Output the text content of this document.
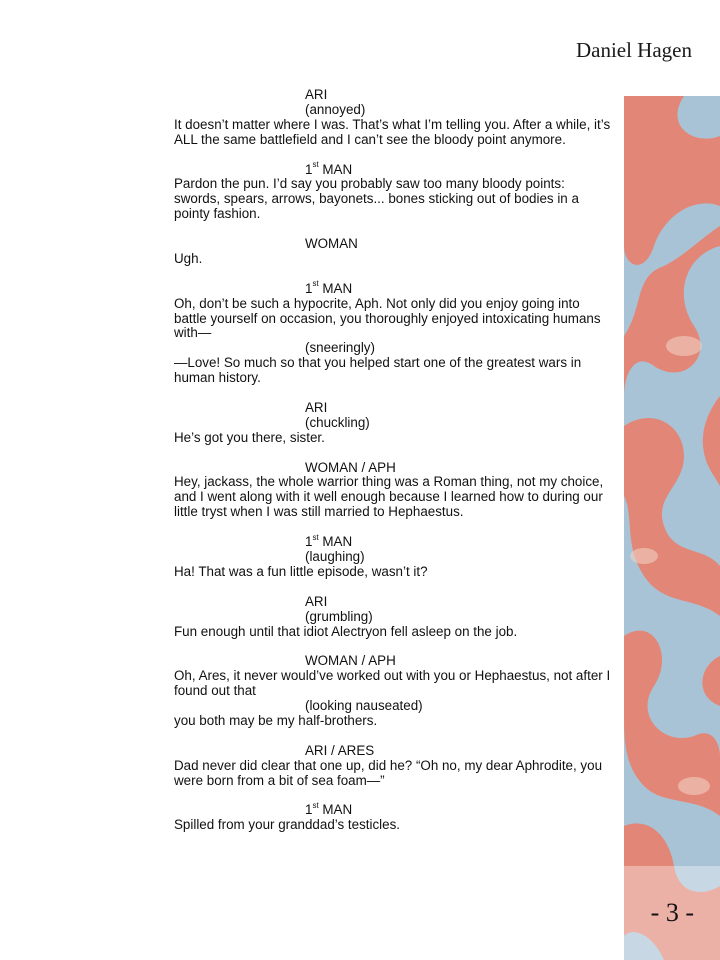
Daniel Hagen
ARI
(annoyed)
It doesn’t matter where I was. That’s what I’m telling you. After a while, it’s ALL the same battlefield and I can’t see the bloody point anymore.
1st MAN
Pardon the pun. I’d say you probably saw too many bloody points: swords, spears, arrows, bayonets... bones sticking out of bodies in a pointy fashion.
WOMAN
Ugh.
1st MAN
Oh, don’t be such a hypocrite, Aph. Not only did you enjoy going into battle yourself on occasion, you thoroughly enjoyed intoxicating humans with—
(sneeringly)
—Love! So much so that you helped start one of the greatest wars in human history.
ARI
(chuckling)
He’s got you there, sister.
WOMAN / APH
Hey, jackass, the whole warrior thing was a Roman thing, not my choice, and I went along with it well enough because I learned how to during our little tryst when I was still married to Hephaestus.
1st MAN
(laughing)
Ha! That was a fun little episode, wasn’t it?
ARI
(grumbling)
Fun enough until that idiot Alectryon fell asleep on the job.
WOMAN / APH
Oh, Ares, it never would’ve worked out with you or Hephaestus, not after I found out that
(looking nauseated)
you both may be my half-brothers.
ARI / ARES
Dad never did clear that one up, did he? “Oh no, my dear Aphrodite, you were born from a bit of sea foam—”
1st MAN
Spilled from your granddad’s testicles.
- 3 -
